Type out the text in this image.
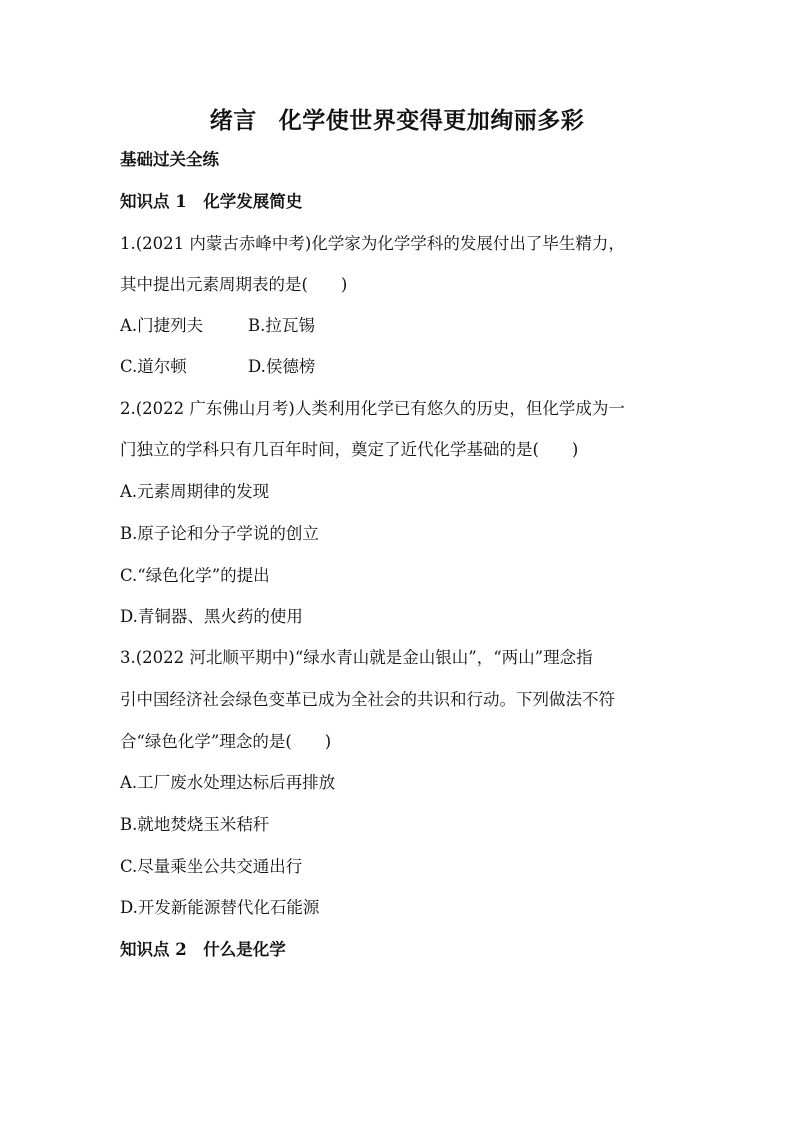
绪言 化学使世界变得更加绚丽多彩
基础过关全练
知识点 1　化学发展简史
1.(2021 内蒙古赤峰中考)化学家为化学学科的发展付出了毕生精力，
其中提出元素周期表的是(　　)
A.门捷列夫	B.拉瓦锡
C.道尔顿	D.侯德榜
2.(2022 广东佛山月考)人类利用化学已有悠久的历史，但化学成为一
门独立的学科只有几百年时间，奠定了近代化学基础的是(　　)
A.元素周期律的发现
B.原子论和分子学说的创立
C.“绿色化学”的提出
D.青铜器、黑火药的使用
3.(2022 河北顺平期中)“绿水青山就是金山银山”，“两山”理念指
引中国经济社会绿色变革已成为全社会的共识和行动。下列做法不符
合“绿色化学”理念的是(　　)
A.工厂废水处理达标后再排放
B.就地焚烧玉米秸秆
C.尽量乘坐公共交通出行
D.开发新能源替代化石能源
知识点 2　什么是化学
